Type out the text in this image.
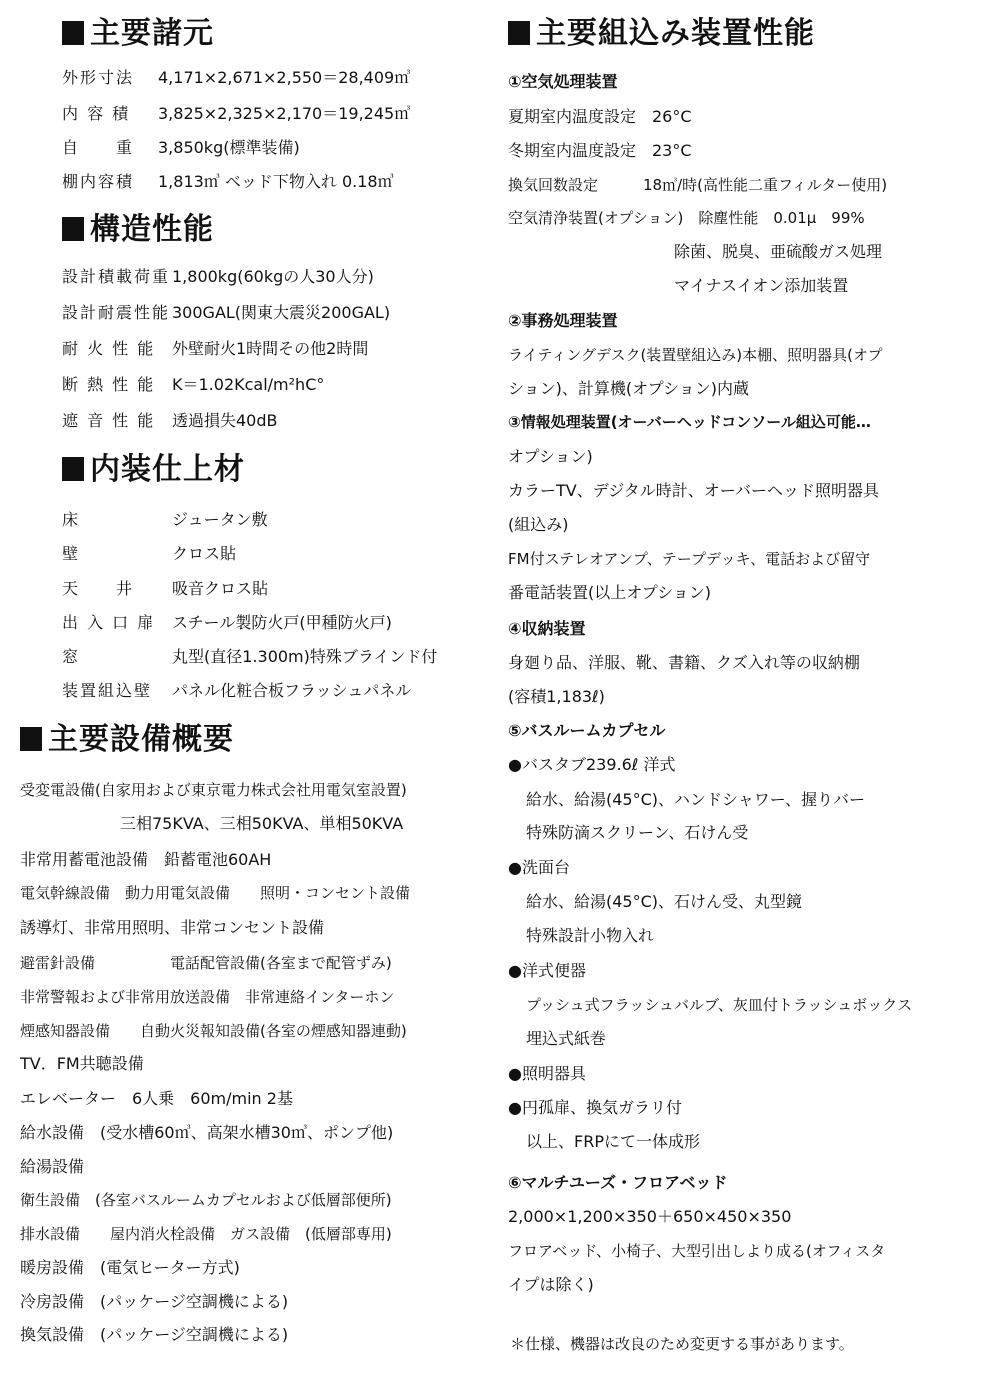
主要諸元
外形寸法 4,171×2,671×2,550＝28,409㎥
内 容 積 3,825×2,325×2,170＝19,245㎥
自　　重 3,850kg(標準装備)
棚内容積 1,813㎥ ベッド下物入れ 0.18㎥
構造性能
設計積載荷重 1,800kg(60kgの人30人分)
設計耐震性能 300GAL(関東大震災200GAL)
耐 火 性 能 外壁耐火1時間その他2時間
断 熱 性 能 K＝1.02Kcal/m²hC°
遮 音 性 能 透過損失40dB
内装仕上材
床	ジュータン敷
壁	クロス貼
天　　井 吸音クロス貼
出 入 口 扉 スチール製防火戸(甲種防火戸)
窓	丸型(直径1.300m)特殊ブラインド付
装置組込壁 パネル化粧合板フラッシュパネル
主要設備概要
受変電設備(自家用および東京電力株式会社用電気室設置)
三相75KVA、三相50KVA、単相50KVA
非常用蓄電池設備　鉛蓄電池60AH
電気幹線設備　動力用電気設備　　照明・コンセント設備
誘導灯、非常用照明、非常コンセント設備
避雷針設備　　　　　電話配管設備(各室まで配管ずみ)
非常警報および非常用放送設備　非常連絡インターホン
煙感知器設備　　自動火災報知設備(各室の煙感知器連動)
TV．FM共聴設備
エレベーター　6人乗　60m/min 2基
給水設備　(受水槽60㎥、高架水槽30㎥、ポンプ他)
給湯設備
衛生設備　(各室バスルームカプセルおよび低層部便所)
排水設備　　屋内消火栓設備　ガス設備　(低層部専用)
暖房設備　(電気ヒーター方式)
冷房設備　(パッケージ空調機による)
換気設備　(パッケージ空調機による)
主要組込み装置性能
①空気処理装置
夏期室内温度設定　26°C
冬期室内温度設定　23°C
換気回数設定　　　18㎥/時(高性能二重フィルター使用)
空気清浄装置(オプション)　除塵性能　0.01μ　99%
除菌、脱臭、亜硫酸ガス処理
マイナスイオン添加装置
②事務処理装置
ライティングデスク(装置壁組込み)本棚、照明器具(オプ
ション)、計算機(オプション)内蔵
③情報処理装置(オーバーヘッドコンソール組込可能…
オプション)
カラーTV、デジタル時計、オーバーヘッド照明器具
(組込み)
FM付ステレオアンプ、テープデッキ、電話および留守
番電話装置(以上オプション)
④収納装置
身廻り品、洋服、靴、書籍、クズ入れ等の収納棚
(容積1,183ℓ)
⑤バスルームカプセル
●バスタブ239.6ℓ 洋式
給水、給湯(45°C)、ハンドシャワー、握りバー
特殊防滴スクリーン、石けん受
●洗面台
給水、給湯(45°C)、石けん受、丸型鏡
特殊設計小物入れ
●洋式便器
プッシュ式フラッシュバルブ、灰皿付トラッシュボックス
埋込式紙巻
●照明器具
●円孤扉、換気ガラリ付
以上、FRPにて一体成形
⑥マルチユーズ・フロアベッド
2,000×1,200×350＋650×450×350
フロアベッド、小椅子、大型引出しより成る(オフィスタ
イプは除く)
＊仕様、機器は改良のため変更する事があります。
